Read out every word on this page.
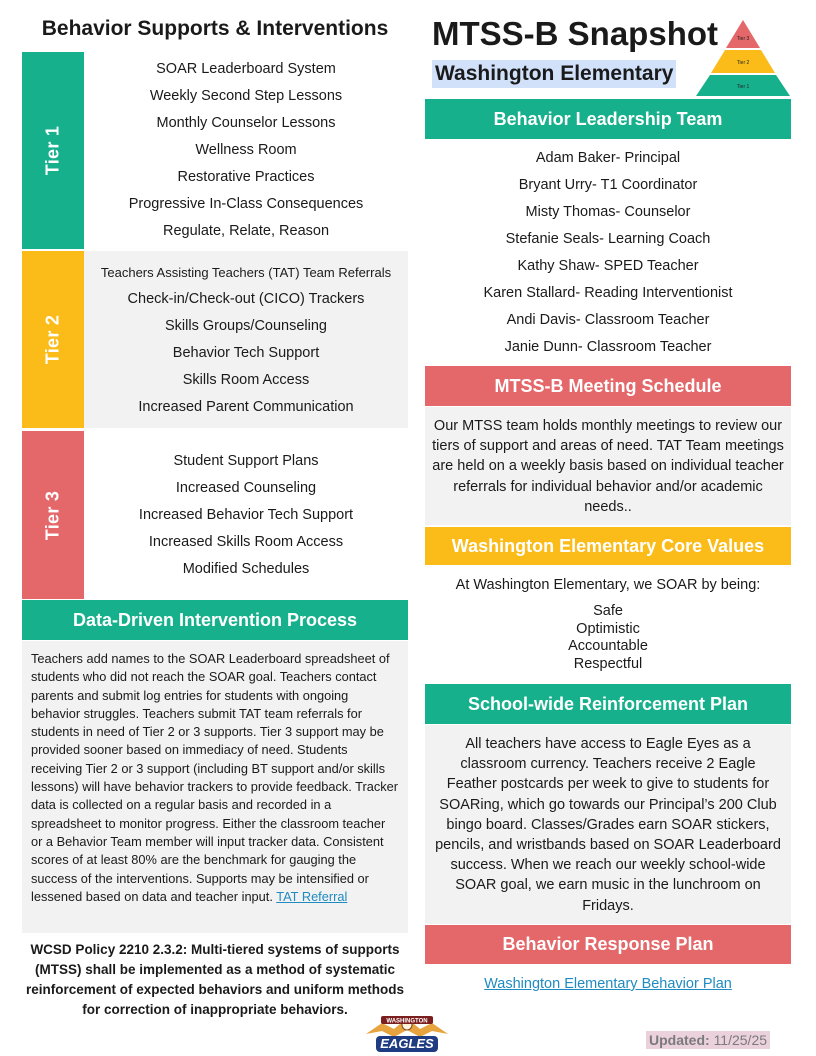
Behavior Supports & Interventions
Tier 1
SOAR Leaderboard System
Weekly Second Step Lessons
Monthly Counselor Lessons
Wellness Room
Restorative Practices
Progressive In-Class Consequences
Regulate, Relate, Reason
Tier 2
Teachers Assisting Teachers (TAT) Team Referrals
Check-in/Check-out (CICO) Trackers
Skills Groups/Counseling
Behavior Tech Support
Skills Room Access
Increased Parent Communication
Tier 3
Student Support Plans
Increased Counseling
Increased Behavior Tech Support
Increased Skills Room Access
Modified Schedules
Data-Driven Intervention Process

Teachers add names to the SOAR Leaderboard spreadsheet of students who did not reach the SOAR goal. Teachers contact parents and submit log entries for students with ongoing behavior struggles. Teachers submit TAT team referrals for students in need of Tier 2 or 3 supports. Tier 3 support may be provided sooner based on immediacy of need. Students receiving Tier 2 or 3 support (including BT support and/or skills lessons) will have behavior trackers to provide feedback. Tracker data is collected on a regular basis and recorded in a spreadsheet to monitor progress. Either the classroom teacher or a Behavior Team member will input tracker data. Consistent scores of at least 80% are the benchmark for gauging the success of the interventions. Supports may be intensified or lessened based on data and teacher input. TAT Referral

WCSD Policy 2210 2.3.2: Multi-tiered systems of supports (MTSS) shall be implemented as a method of systematic reinforcement of expected behaviors and uniform methods for correction of inappropriate behaviors.
MTSS-B Snapshot
Washington Elementary
Tier 3
Tier 2
Tier 1
Behavior Leadership Team
Adam Baker- Principal
Bryant Urry- T1 Coordinator
Misty Thomas- Counselor
Stefanie Seals- Learning Coach
Kathy Shaw- SPED Teacher
Karen Stallard- Reading Interventionist
Andi Davis- Classroom Teacher
Janie Dunn- Classroom Teacher
MTSS-B Meeting Schedule
Our MTSS team holds monthly meetings to review our tiers of support and areas of need. TAT Team meetings are held on a weekly basis based on individual teacher referrals for individual behavior and/or academic needs..
Washington Elementary Core Values
At Washington Elementary, we SOAR by being:
Safe
Optimistic
Accountable
Respectful
School-wide Reinforcement Plan
All teachers have access to Eagle Eyes as a classroom currency. Teachers receive 2 Eagle Feather postcards per week to give to students for SOARing, which go towards our Principal’s 200 Club bingo board. Classes/Grades earn SOAR stickers, pencils, and wristbands based on SOAR Leaderboard success. When we reach our weekly school-wide SOAR goal, we earn music in the lunchroom on Fridays.
Behavior Response Plan
Washington Elementary Behavior Plan
WASHINGTON
EAGLES	Updated: 11/25/25
